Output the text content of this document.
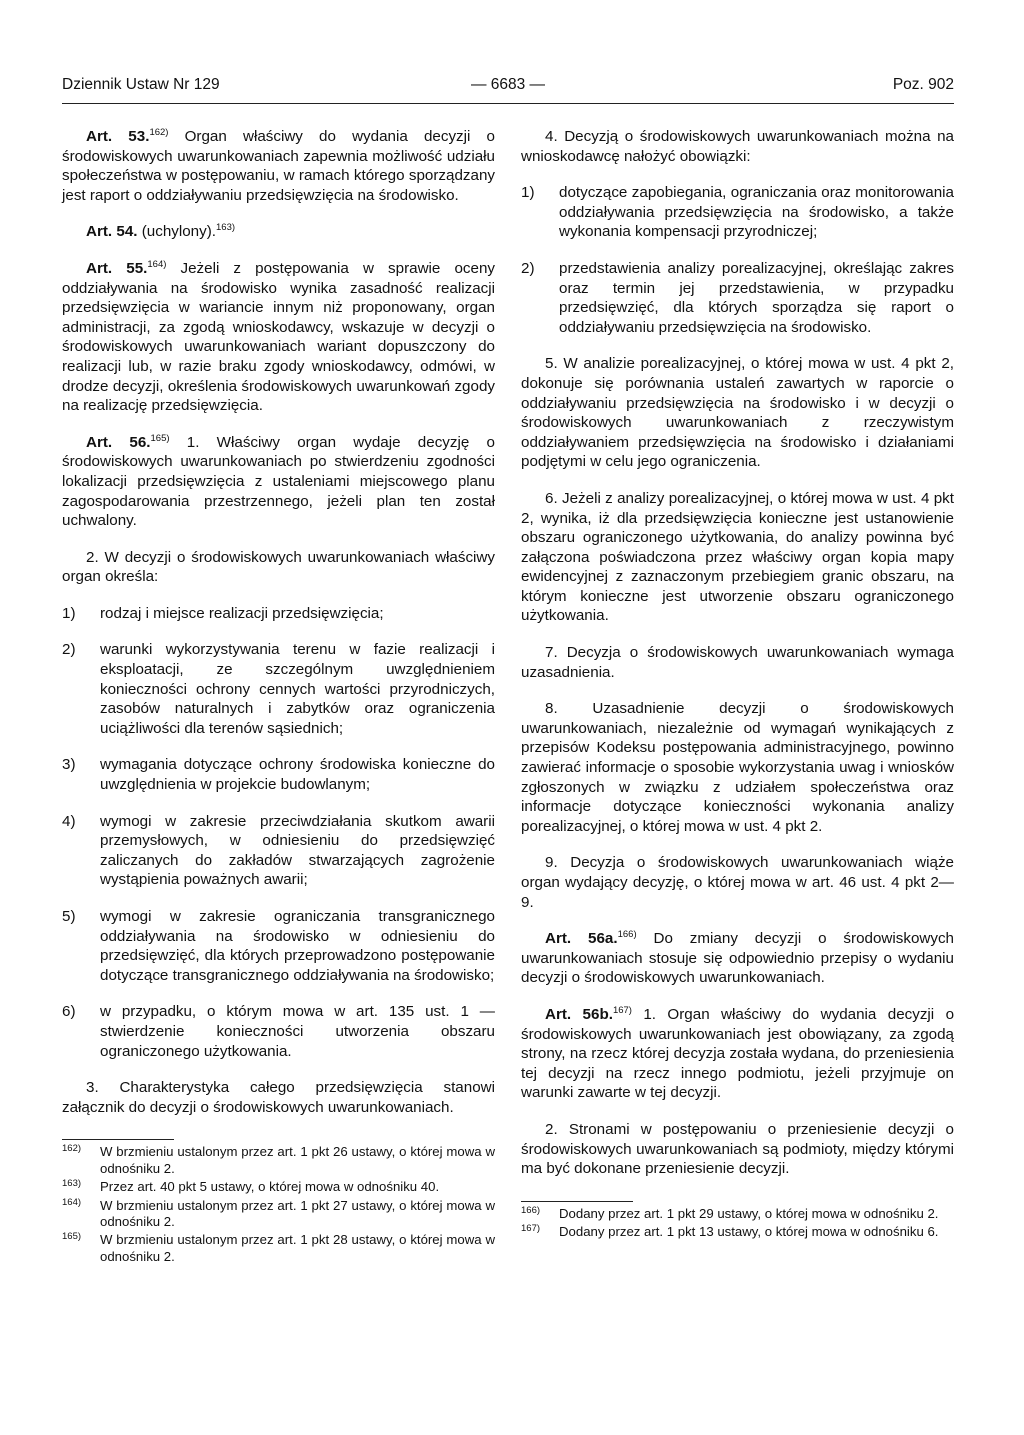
Dziennik Ustaw Nr 129	— 6683 —	Poz. 902

Art. 53.$^{162)}$ Organ właściwy do wydania decyzji o środowiskowych uwarunkowaniach zapewnia możliwość udziału społeczeństwa w postępowaniu, w ramach którego sporządzany jest raport o oddziaływaniu przedsięwzięcia na środowisko.

Art. 54. (uchylony).$^{163)}$

Art. 55.$^{164)}$ Jeżeli z postępowania w sprawie oceny oddziaływania na środowisko wynika zasadność realizacji przedsięwzięcia w wariancie innym niż proponowany, organ administracji, za zgodą wnioskodawcy, wskazuje w decyzji o środowiskowych uwarunkowaniach wariant dopuszczony do realizacji lub, w razie braku zgody wnioskodawcy, odmówi, w drodze decyzji, określenia środowiskowych uwarunkowań zgody na realizację przedsięwzięcia.

Art. 56.$^{165)}$ 1. Właściwy organ wydaje decyzję o środowiskowych uwarunkowaniach po stwierdzeniu zgodności lokalizacji przedsięwzięcia z ustaleniami miejscowego planu zagospodarowania przestrzennego, jeżeli plan ten został uchwalony.

2. W decyzji o środowiskowych uwarunkowaniach właściwy organ określa:

1) rodzaj i miejsce realizacji przedsięwzięcia;
2) warunki wykorzystywania terenu w fazie realizacji i eksploatacji, ze szczególnym uwzględnieniem konieczności ochrony cennych wartości przyrodniczych, zasobów naturalnych i zabytków oraz ograniczenia uciążliwości dla terenów sąsiednich;
3) wymagania dotyczące ochrony środowiska konieczne do uwzględnienia w projekcie budowlanym;
4) wymogi w zakresie przeciwdziałania skutkom awarii przemysłowych, w odniesieniu do przedsięwzięć zaliczanych do zakładów stwarzających zagrożenie wystąpienia poważnych awarii;
5) wymogi w zakresie ograniczania transgranicznego oddziaływania na środowisko w odniesieniu do przedsięwzięć, dla których przeprowadzono postępowanie dotyczące transgranicznego oddziaływania na środowisko;
6) w przypadku, o którym mowa w art. 135 ust. 1 — stwierdzenie konieczności utworzenia obszaru ograniczonego użytkowania.

3. Charakterystyka całego przedsięwzięcia stanowi załącznik do decyzji o środowiskowych uwarunkowaniach.

162) W brzmieniu ustalonym przez art. 1 pkt 26 ustawy, o której mowa w odnośniku 2.
163) Przez art. 40 pkt 5 ustawy, o której mowa w odnośniku 40.
164) W brzmieniu ustalonym przez art. 1 pkt 27 ustawy, o której mowa w odnośniku 2.
165) W brzmieniu ustalonym przez art. 1 pkt 28 ustawy, o której mowa w odnośniku 2.

4. Decyzją o środowiskowych uwarunkowaniach można na wnioskodawcę nałożyć obowiązki:

1) dotyczące zapobiegania, ograniczania oraz monitorowania oddziaływania przedsięwzięcia na środowisko, a także wykonania kompensacji przyrodniczej;
2) przedstawienia analizy porealizacyjnej, określając zakres oraz termin jej przedstawienia, w przypadku przedsięwzięć, dla których sporządza się raport o oddziaływaniu przedsięwzięcia na środowisko.

5. W analizie porealizacyjnej, o której mowa w ust. 4 pkt 2, dokonuje się porównania ustaleń zawartych w raporcie o oddziaływaniu przedsięwzięcia na środowisko i w decyzji o środowiskowych uwarunkowaniach z rzeczywistym oddziaływaniem przedsięwzięcia na środowisko i działaniami podjętymi w celu jego ograniczenia.

6. Jeżeli z analizy porealizacyjnej, o której mowa w ust. 4 pkt 2, wynika, iż dla przedsięwzięcia konieczne jest ustanowienie obszaru ograniczonego użytkowania, do analizy powinna być załączona poświadczona przez właściwy organ kopia mapy ewidencyjnej z zaznaczonym przebiegiem granic obszaru, na którym konieczne jest utworzenie obszaru ograniczonego użytkowania.

7. Decyzja o środowiskowych uwarunkowaniach wymaga uzasadnienia.

8. Uzasadnienie decyzji o środowiskowych uwarunkowaniach, niezależnie od wymagań wynikających z przepisów Kodeksu postępowania administracyjnego, powinno zawierać informacje o sposobie wykorzystania uwag i wniosków zgłoszonych w związku z udziałem społeczeństwa oraz informacje dotyczące konieczności wykonania analizy porealizacyjnej, o której mowa w ust. 4 pkt 2.

9. Decyzja o środowiskowych uwarunkowaniach wiąże organ wydający decyzję, o której mowa w art. 46 ust. 4 pkt 2—9.

Art. 56a.$^{166)}$ Do zmiany decyzji o środowiskowych uwarunkowaniach stosuje się odpowiednio przepisy o wydaniu decyzji o środowiskowych uwarunkowaniach.

Art. 56b.$^{167)}$ 1. Organ właściwy do wydania decyzji o środowiskowych uwarunkowaniach jest obowiązany, za zgodą strony, na rzecz której decyzja została wydana, do przeniesienia tej decyzji na rzecz innego podmiotu, jeżeli przyjmuje on warunki zawarte w tej decyzji.

2. Stronami w postępowaniu o przeniesienie decyzji o środowiskowych uwarunkowaniach są podmioty, między którymi ma być dokonane przeniesienie decyzji.

166) Dodany przez art. 1 pkt 29 ustawy, o której mowa w odnośniku 2.
167) Dodany przez art. 1 pkt 13 ustawy, o której mowa w odnośniku 6.
